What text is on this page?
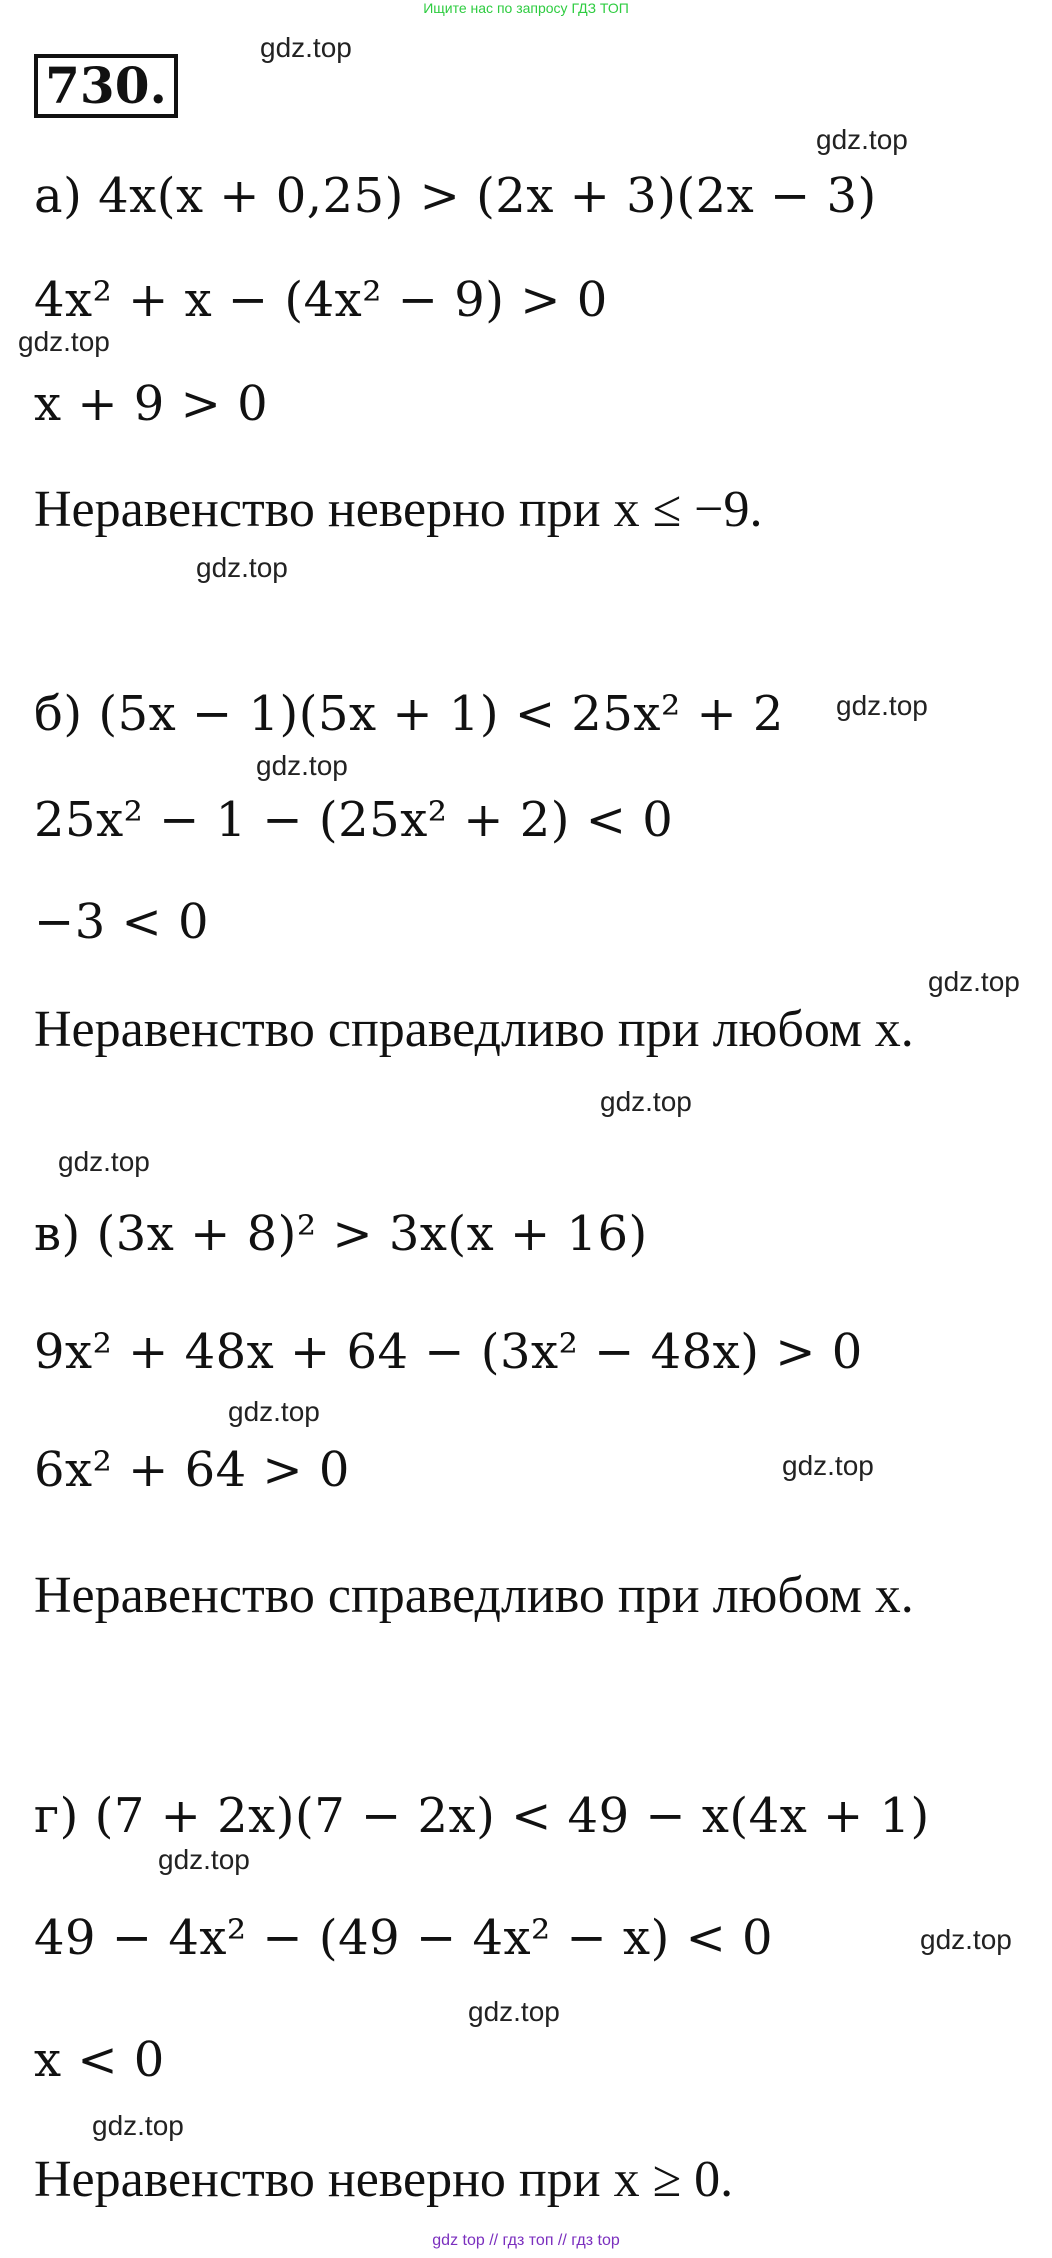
Ищите нас по запросу ГДЗ ТОП
730.
gdz.top
gdz.top
gdz.top
gdz.top
gdz.top
gdz.top
gdz.top
gdz.top
gdz.top
gdz.top
gdz.top
gdz.top
gdz.top
gdz.top
gdz.top
а) 4x(x + 0,25) > (2x + 3)(2x − 3)
4x² + x − (4x² − 9) > 0
x + 9 > 0
Неравенство неверно при x ≤ −9.
б) (5x − 1)(5x + 1) < 25x² + 2
25x² − 1 − (25x² + 2) < 0
−3 < 0
Неравенство справедливо при любом x.
в) (3x + 8)² > 3x(x + 16)
9x² + 48x + 64 − (3x² − 48x) > 0
6x² + 64 > 0
Неравенство справедливо при любом x.
г) (7 + 2x)(7 − 2x) < 49 − x(4x + 1)
49 − 4x² − (49 − 4x² − x) < 0
x < 0
Неравенство неверно при x ≥ 0.
gdz top // гдз топ // гдз top
